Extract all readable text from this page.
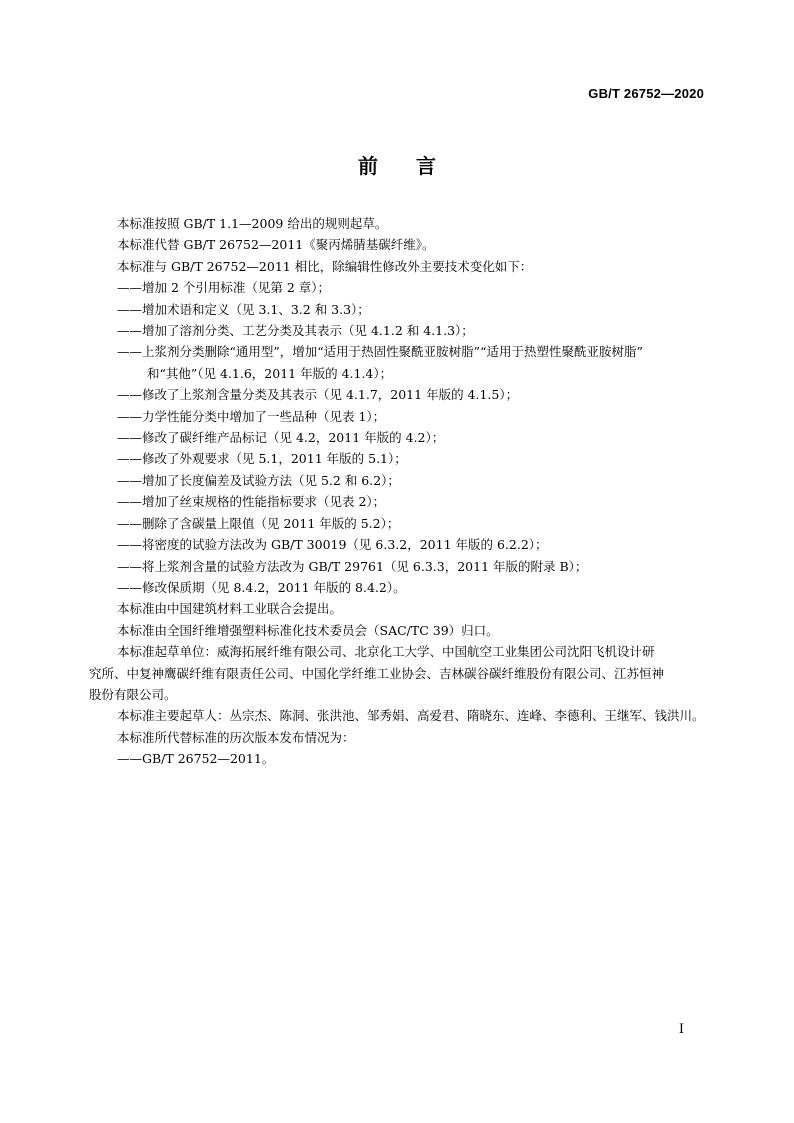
GB/T 26752—2020
前言

本标准按照 GB/T 1.1—2009 给出的规则起草。

本标准代替 GB/T 26752—2011《聚丙烯腈基碳纤维》。

本标准与 GB/T 26752—2011 相比，除编辑性修改外主要技术变化如下：

——增加 2 个引用标准（见第 2 章）；

——增加术语和定义（见 3.1、3.2 和 3.3）；

——增加了溶剂分类、工艺分类及其表示（见 4.1.2 和 4.1.3）；

——上浆剂分类删除“通用型”，增加“适用于热固性聚酰亚胺树脂”“适用于热塑性聚酰亚胺树脂”

和“其他”（见 4.1.6，2011 年版的 4.1.4）；

——修改了上浆剂含量分类及其表示（见 4.1.7，2011 年版的 4.1.5）；

——力学性能分类中增加了一些品种（见表 1）；

——修改了碳纤维产品标记（见 4.2，2011 年版的 4.2）；

——修改了外观要求（见 5.1，2011 年版的 5.1）；

——增加了长度偏差及试验方法（见 5.2 和 6.2）；

——增加了丝束规格的性能指标要求（见表 2）；

——删除了含碳量上限值（见 2011 年版的 5.2）；

——将密度的试验方法改为 GB/T 30019（见 6.3.2，2011 年版的 6.2.2）；

——将上浆剂含量的试验方法改为 GB/T 29761（见 6.3.3，2011 年版的附录 B）；

——修改保质期（见 8.4.2，2011 年版的 8.4.2）。

本标准由中国建筑材料工业联合会提出。

本标准由全国纤维增强塑料标准化技术委员会（SAC/TC 39）归口。

本标准起草单位：威海拓展纤维有限公司、北京化工大学、中国航空工业集团公司沈阳飞机设计研

究所、中复神鹰碳纤维有限责任公司、中国化学纤维工业协会、吉林碳谷碳纤维股份有限公司、江苏恒神

股份有限公司。

本标准主要起草人：丛宗杰、陈洞、张洪池、邹秀娟、高爱君、隋晓东、连峰、李德利、王继军、钱洪川。

本标准所代替标准的历次版本发布情况为：

——GB/T 26752—2011。

I
